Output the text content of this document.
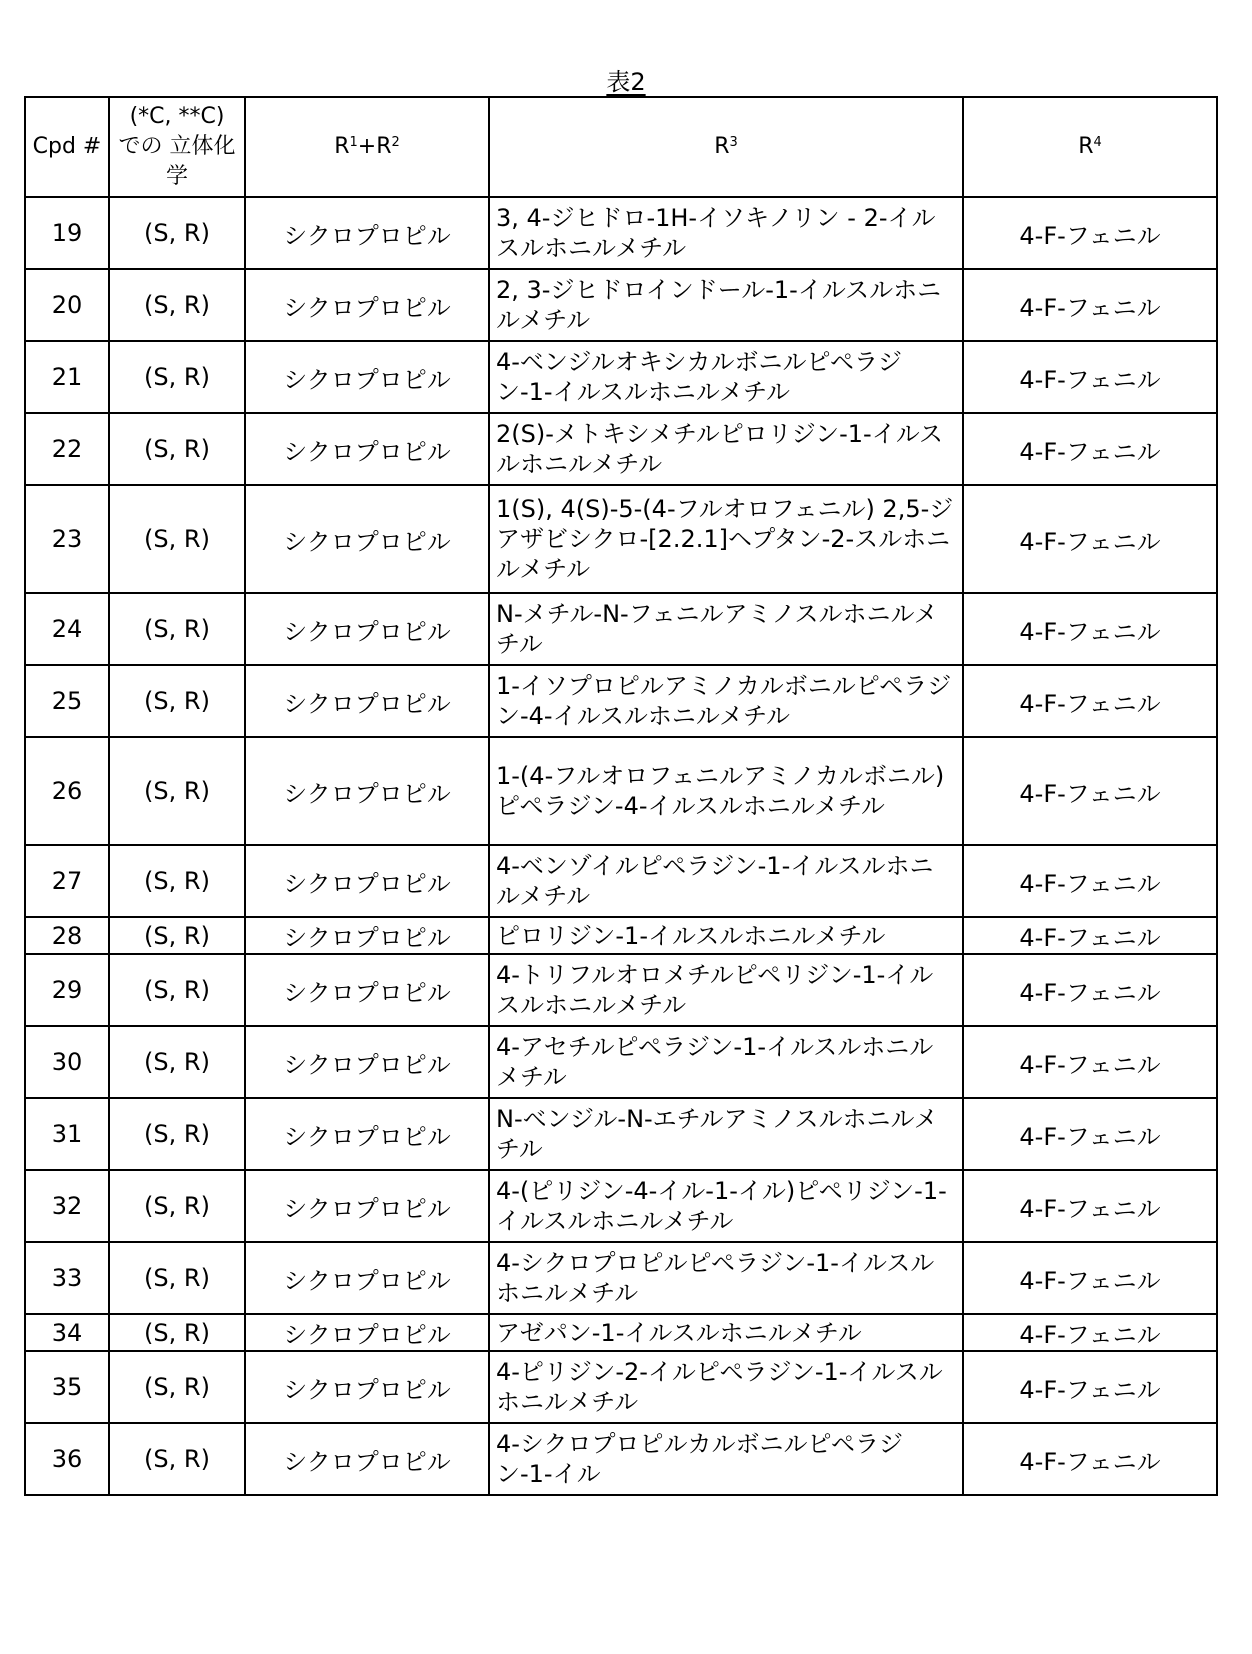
表2
Cpd #	(*C, **C) での 立体化学	$R^1+R^2$	$R^3$	$R^4$
19	(S, R)	シクロプロピル	3, 4-ジヒドロ-1H-イソキノリン - 2-イルスルホニルメチル	4-F-フェニル
20	(S, R)	シクロプロピル	2, 3-ジヒドロインドール-1-イルスルホニルメチル	4-F-フェニル
21	(S, R)	シクロプロピル	4-ベンジルオキシカルボニルピペラジン-1-イルスルホニルメチル	4-F-フェニル
22	(S, R)	シクロプロピル	2(S)-メトキシメチルピロリジン-1-イルスルホニルメチル	4-F-フェニル
23	(S, R)	シクロプロピル	1(S), 4(S)-5-(4-フルオロフェニル) 2,5-ジアザビシクロ-[2.2.1]ヘプタン-2-スルホニルメチル	4-F-フェニル
24	(S, R)	シクロプロピル	N-メチル-N-フェニルアミノスルホニルメチル	4-F-フェニル
25	(S, R)	シクロプロピル	1-イソプロピルアミノカルボニルピペラジン-4-イルスルホニルメチル	4-F-フェニル
26	(S, R)	シクロプロピル	1-(4-フルオロフェニルアミノカルボニル)ピペラジン-4-イルスルホニルメチル	4-F-フェニル
27	(S, R)	シクロプロピル	4-ベンゾイルピペラジン-1-イルスルホニルメチル	4-F-フェニル
28	(S, R)	シクロプロピル	ピロリジン-1-イルスルホニルメチル	4-F-フェニル
29	(S, R)	シクロプロピル	4-トリフルオロメチルピペリジン-1-イルスルホニルメチル	4-F-フェニル
30	(S, R)	シクロプロピル	4-アセチルピペラジン-1-イルスルホニルメチル	4-F-フェニル
31	(S, R)	シクロプロピル	N-ベンジル-N-エチルアミノスルホニルメチル	4-F-フェニル
32	(S, R)	シクロプロピル	4-(ピリジン-4-イル-1-イル)ピペリジン-1-イルスルホニルメチル	4-F-フェニル
33	(S, R)	シクロプロピル	4-シクロプロピルピペラジン-1-イルスルホニルメチル	4-F-フェニル
34	(S, R)	シクロプロピル	アゼパン-1-イルスルホニルメチル	4-F-フェニル
35	(S, R)	シクロプロピル	4-ピリジン-2-イルピペラジン-1-イルスルホニルメチル	4-F-フェニル
36	(S, R)	シクロプロピル	4-シクロプロピルカルボニルピペラジン-1-イル	4-F-フェニル
